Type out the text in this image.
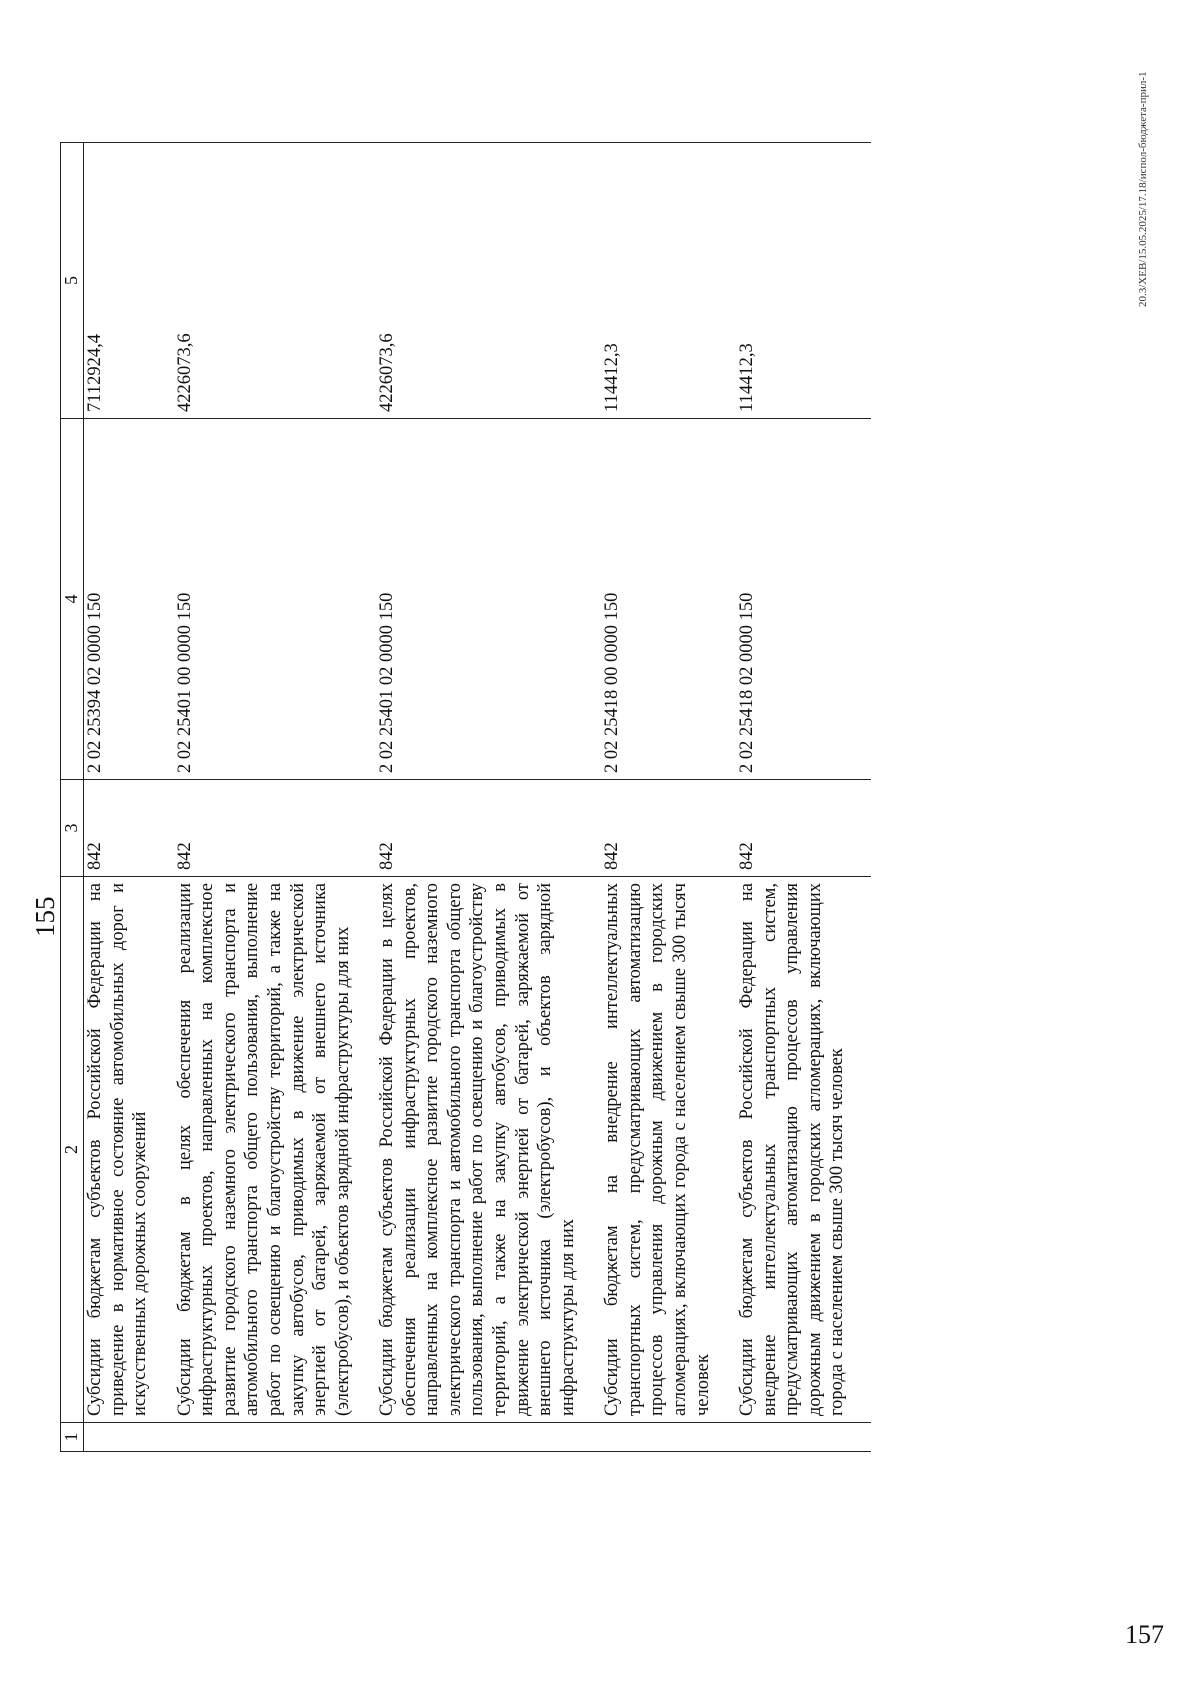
155
1	2	3	4	5
	Субсидии бюджетам субъектов Российской Федерации на приведение в нормативное состояние автомобильных дорог и искусственных дорожных сооружений	842	2 02 25394 02 0000 150	7112924,4
	Субсидии бюджетам в целях обеспечения реализации инфраструктурных проектов, направленных на комплексное развитие городского наземного электрического транспорта и автомобильного транспорта общего пользования, выполнение работ по освещению и благоустройству территорий, а также на закупку автобусов, приводимых в движение электрической энергией от батарей, заряжаемой от внешнего источника (электробусов), и объектов зарядной инфраструктуры для них	842	2 02 25401 00 0000 150	4226073,6
	Субсидии бюджетам субъектов Российской Федерации в целях обеспечения реализации инфраструктурных проектов, направленных на комплексное развитие городского наземного электрического транспорта и автомобильного транспорта общего пользования, выполнение работ по освещению и благоустройству территорий, а также на закупку автобусов, приводимых в движение электрической энергией от батарей, заряжаемой от внешнего источника (электробусов), и объектов зарядной инфраструктуры для них	842	2 02 25401 02 0000 150	4226073,6
	Субсидии бюджетам на внедрение интеллектуальных транспортных систем, предусматривающих автоматизацию процессов управления дорожным движением в городских агломерациях, включающих города с населением свыше 300 тысяч человек	842	2 02 25418 00 0000 150	114412,3
	Субсидии бюджетам субъектов Российской Федерации на внедрение интеллектуальных транспортных систем, предусматривающих автоматизацию процессов управления дорожным движением в городских агломерациях, включающих города с населением свыше 300 тысяч человек	842	2 02 25418 02 0000 150	114412,3
20.3/XEB/15.05.2025/17.18/испол-бюджета-прил-1
157
